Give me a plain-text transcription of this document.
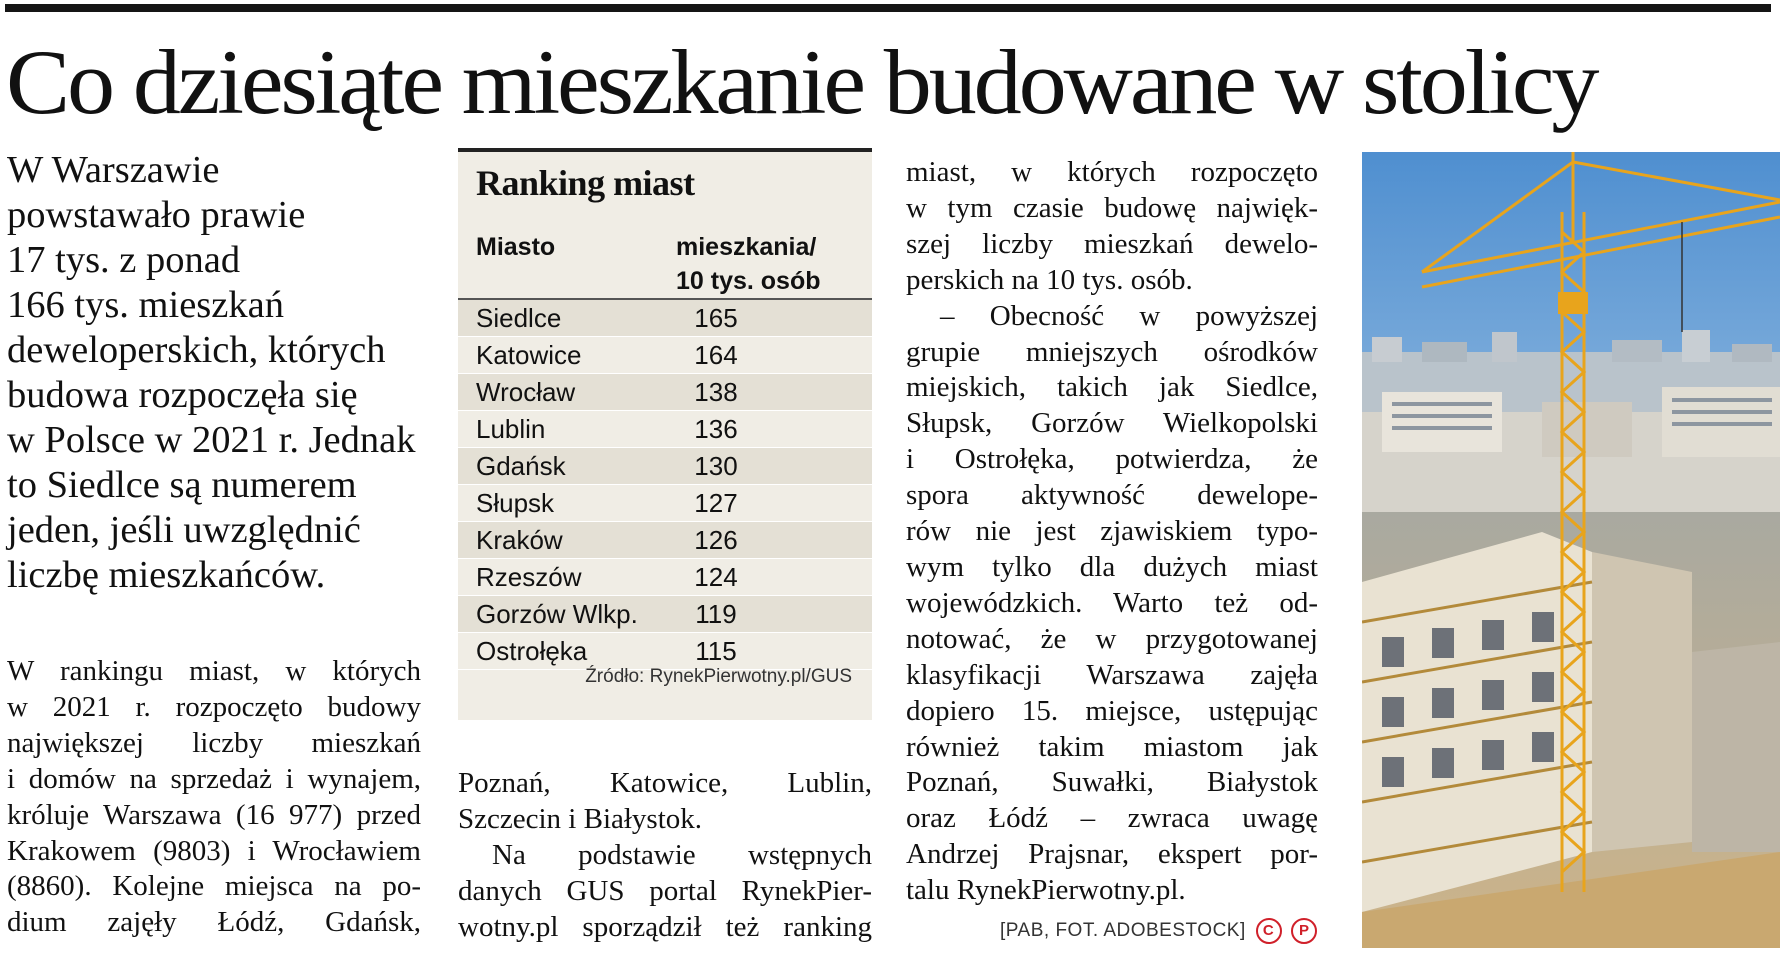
Co dziesiąte mieszkanie budowane w stolicy
W Warszawie
powstawało prawie
17 tys. z ponad
166 tys. mieszkań
deweloperskich, których
budowa rozpoczęła się
w Polsce w 2021 r. Jednak
to Siedlce są numerem
jeden, jeśli uwzględnić
liczbę mieszkańców.
W rankingu miast, w których
w 2021 r. rozpoczęto budowy
największej liczby mieszkań
i domów na sprzedaż i wynajem,
króluje Warszawa (16 977) przed
Krakowem (9803) i Wrocławiem
(8860). Kolejne miejsca na po-
dium zajęły Łódź, Gdańsk,
Ranking miast
Miasto	mieszkania/
10 tys. osób
Siedlce	165
Katowice	164
Wrocław	138
Lublin	136
Gdańsk	130
Słupsk	127
Kraków	126
Rzeszów	124
Gorzów Wlkp.	119
Ostrołęka	115
Źródło: RynekPierwotny.pl/GUS
Poznań, Katowice, Lublin,
Szczecin i Białystok.
Na podstawie wstępnych
danych GUS portal RynekPier-
wotny.pl sporządził też ranking
miast, w których rozpoczęto
w tym czasie budowę najwięk-
szej liczby mieszkań dewelo-
perskich na 10 tys. osób.
– Obecność w powyższej
grupie mniejszych ośrodków
miejskich, takich jak Siedlce,
Słupsk, Gorzów Wielkopolski
i Ostrołęka, potwierdza, że
spora aktywność dewelope-
rów nie jest zjawiskiem typo-
wym tylko dla dużych miast
wojewódzkich. Warto też od-
notować, że w przygotowanej
klasyfikacji Warszawa zajęła
dopiero 15. miejsce, ustępując
również takim miastom jak
Poznań, Suwałki, Białystok
oraz Łódź – zwraca uwagę
Andrzej Prajsnar, ekspert por-
talu RynekPierwotny.pl.
[PAB, FOT. ADOBESTOCK] C P
